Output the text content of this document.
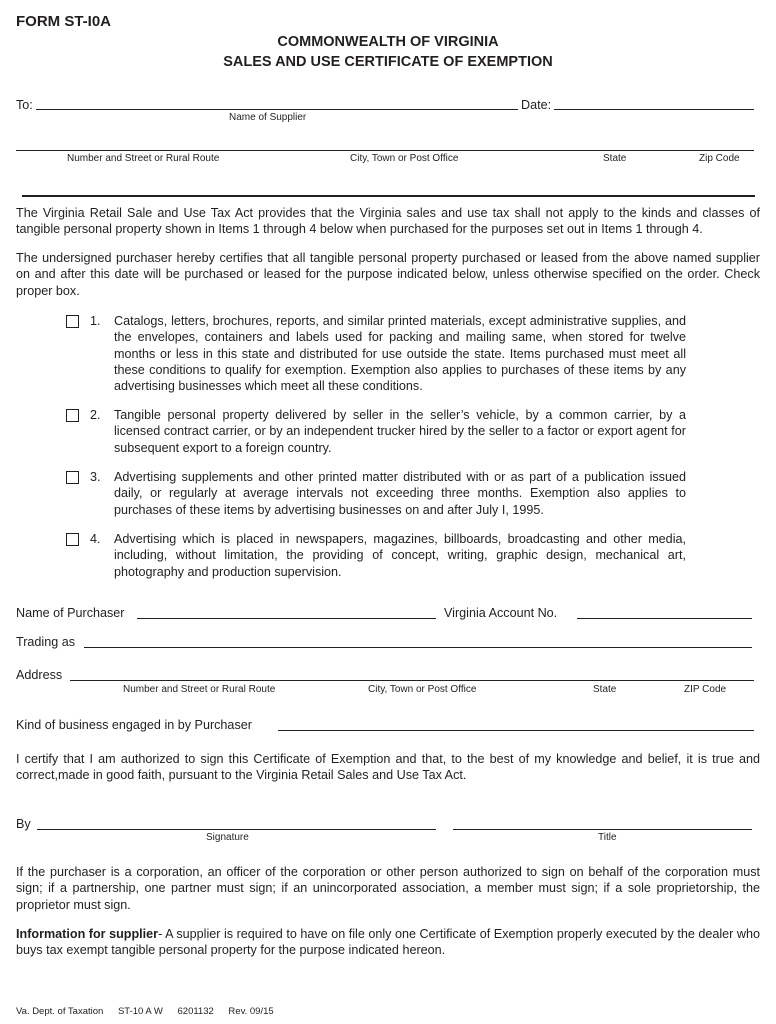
FORM ST-I0A
COMMONWEALTH OF VIRGINIA
SALES AND USE CERTIFICATE OF EXEMPTION
To:	Date:
Name of Supplier
Number and Street or Rural Route	City, Town or Post Office	State	Zip Code
The Virginia Retail Sale and Use Tax Act provides that the Virginia sales and use tax shall not apply to the kinds and classes of tangible personal property shown in Items 1 through 4 below when purchased for the purposes set out in Items 1 through 4.
The undersigned purchaser hereby certifies that all tangible personal property purchased or leased from the above named supplier on and after this date will be purchased or leased for the purpose indicated below, unless otherwise specified on the order. Check proper box.
1. Catalogs, letters, brochures, reports, and similar printed materials, except administrative supplies, and the envelopes, containers and labels used for packing and mailing same, when stored for twelve months or less in this state and distributed for use outside the state. Items purchased must meet all these conditions to qualify for exemption. Exemption also applies to purchases of these items by any advertising businesses which meet all these conditions.
2. Tangible personal property delivered by seller in the seller’s vehicle, by a common carrier, by a licensed contract carrier, or by an independent trucker hired by the seller to a factor or export agent for subsequent export to a foreign country.
3. Advertising supplements and other printed matter distributed with or as part of a publication issued daily, or regularly at average intervals not exceeding three months. Exemption also applies to purchases of these items by advertising businesses on and after July I, 1995.
4. Advertising which is placed in newspapers, magazines, billboards, broadcasting and other media, including, without limitation, the providing of concept, writing, graphic design, mechanical art, photography and production supervision.
Name of Purchaser	Virginia Account No.
Trading as
Address
Number and Street or Rural Route	City, Town or Post Office	State	ZIP Code
Kind of business engaged in by Purchaser
I certify that I am authorized to sign this Certificate of Exemption and that, to the best of my knowledge and belief, it is true and correct,made in good faith, pursuant to the Virginia Retail Sales and Use Tax Act.
By
Signature	Title
If the purchaser is a corporation, an officer of the corporation or other person authorized to sign on behalf of the corporation must sign; if a partnership, one partner must sign; if an unincorporated association, a member must sign; if a sole proprietorship, the proprietor must sign.
Information for supplier- A supplier is required to have on file only one Certificate of Exemption properly executed by the dealer who buys tax exempt tangible personal property for the purpose indicated hereon.
Va. Dept. of Taxation ST-10 A W 6201132 Rev. 09/15
